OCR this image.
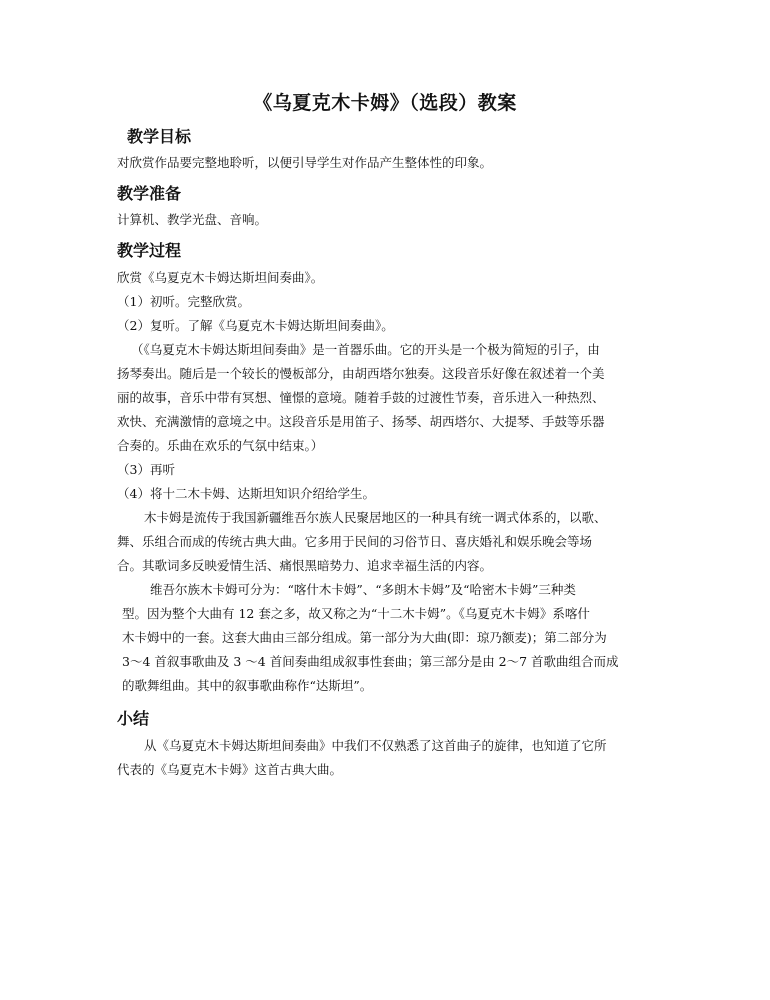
《乌夏克木卡姆》（选段）教案
教学目标

对欣赏作品要完整地聆听，以便引导学生对作品产生整体性的印象。

教学准备

计算机、教学光盘、音响。

教学过程

欣赏《乌夏克木卡姆达斯坦间奏曲》。

（1）初听。完整欣赏。

（2）复听。了解《乌夏克木卡姆达斯坦间奏曲》。

（《乌夏克木卡姆达斯坦间奏曲》是一首器乐曲。它的开头是一个极为简短的引子，由

扬琴奏出。随后是一个较长的慢板部分，由胡西塔尔独奏。这段音乐好像在叙述着一个美

丽的故事，音乐中带有冥想、憧憬的意境。随着手鼓的过渡性节奏，音乐进入一种热烈、

欢快、充满激情的意境之中。这段音乐是用笛子、扬琴、胡西塔尔、大提琴、手鼓等乐器

合奏的。乐曲在欢乐的气氛中结束。）

（3）再听

（4）将十二木卡姆、达斯坦知识介绍给学生。

木卡姆是流传于我国新疆维吾尔族人民聚居地区的一种具有统一调式体系的，以歌、

舞、乐组合而成的传统古典大曲。它多用于民间的习俗节日、喜庆婚礼和娱乐晚会等场

合。其歌词多反映爱情生活、痛恨黑暗势力、追求幸福生活的内容。

维吾尔族木卡姆可分为：“喀什木卡姆”、“多朗木卡姆”及“哈密木卡姆”三种类

型。因为整个大曲有 12 套之多，故又称之为“十二木卡姆”。《乌夏克木卡姆》系喀什

木卡姆中的一套。这套大曲由三部分组成。第一部分为大曲(即：琼乃额麦)；第二部分为

3～4 首叙事歌曲及 3 ～4 首间奏曲组成叙事性套曲；第三部分是由 2～7 首歌曲组合而成

的歌舞组曲。其中的叙事歌曲称作“达斯坦”。

小结

从《乌夏克木卡姆达斯坦间奏曲》中我们不仅熟悉了这首曲子的旋律，也知道了它所

代表的《乌夏克木卡姆》这首古典大曲。
